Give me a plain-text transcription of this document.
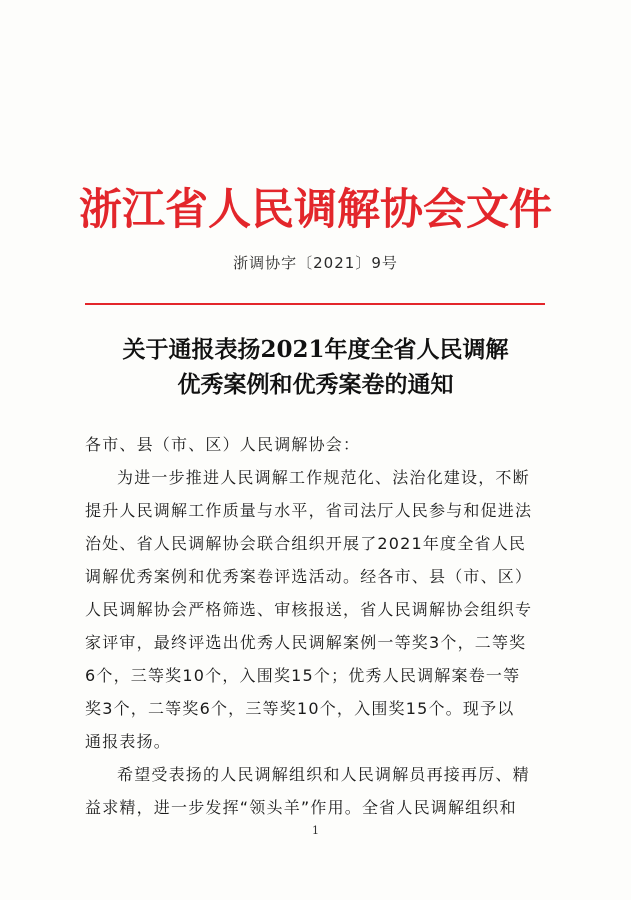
浙江省人民调解协会文件
浙调协字〔2021〕9号
关于通报表扬2021年度全省人民调解
优秀案例和优秀案卷的通知
各市、县（市、区）人民调解协会：
为进一步推进人民调解工作规范化、法治化建设，不断
提升人民调解工作质量与水平，省司法厅人民参与和促进法
治处、省人民调解协会联合组织开展了2021年度全省人民
调解优秀案例和优秀案卷评选活动。经各市、县（市、区）
人民调解协会严格筛选、审核报送，省人民调解协会组织专
家评审，最终评选出优秀人民调解案例一等奖3个，二等奖
6个，三等奖10个，入围奖15个；优秀人民调解案卷一等
奖3个，二等奖6个，三等奖10个，入围奖15个。现予以
通报表扬。
希望受表扬的人民调解组织和人民调解员再接再厉、精
益求精，进一步发挥“领头羊”作用。全省人民调解组织和
1
